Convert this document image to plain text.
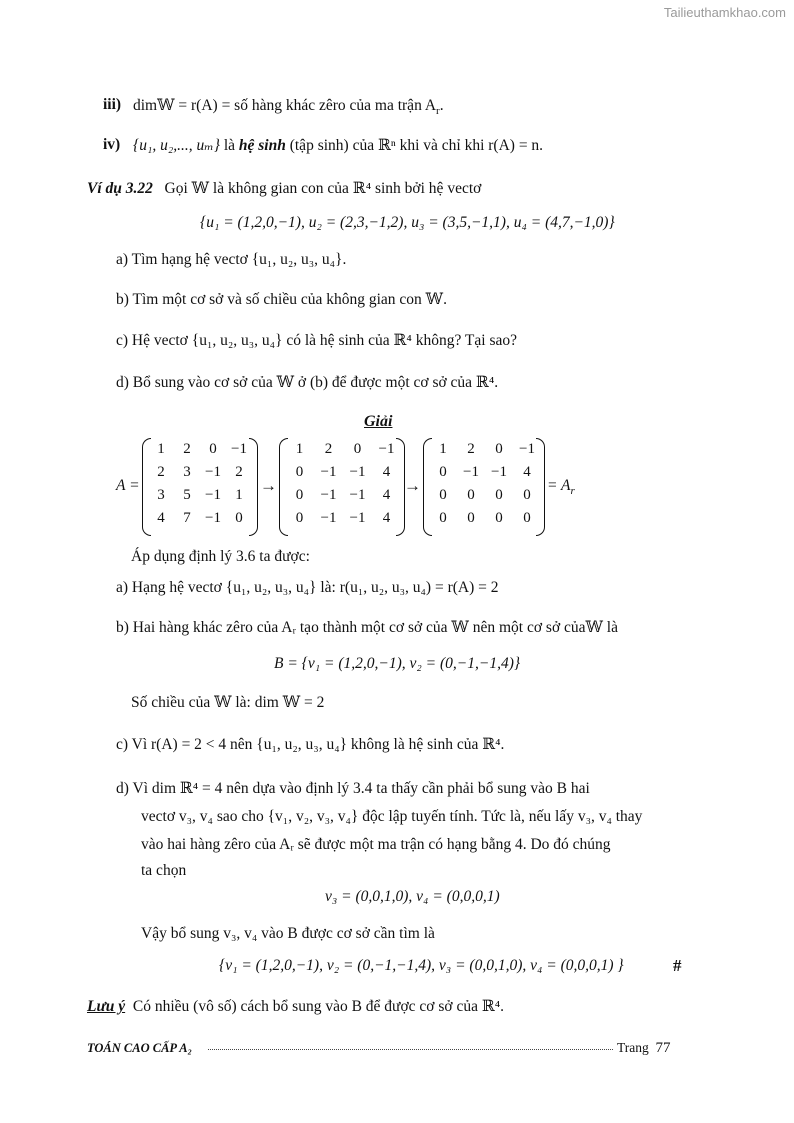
Tailieuthamkhao.com
iii) dim𝕎 = r(A) = số hàng khác zêro của ma trận $A_r$.
iv) {u₁, u₂,..., uₘ} là hệ sinh (tập sinh) của ℝⁿ khi và chỉ khi r(A) = n.
Ví dụ 3.22 Gọi 𝕎 là không gian con của ℝ⁴ sinh bởi hệ vectơ
{u₁ = (1,2,0,−1), u₂ = (2,3,−1,2), u₃ = (3,5,−1,1), u₄ = (4,7,−1,0)}
a) Tìm hạng hệ vectơ {u₁, u₂, u₃, u₄}.
b) Tìm một cơ sở và số chiều của không gian con 𝕎.
c) Hệ vectơ {u₁, u₂, u₃, u₄} có là hệ sinh của ℝ⁴ không? Tại sao?
d) Bổ sung vào cơ sở của 𝕎 ở (b) để được một cơ sở của ℝ⁴.
Giải
A =
1	2	0 −1
2	3 −1 2
3	5 −1 1
4	7 −1 0
→
1	2	0	−1
0	−1 −1	4
0	−1 −1	4
0	−1 −1	4
→
1	2	0	−1
0	−1 −1	4
0	0	0	0
0	0	0	0
= $A_r$
Áp dụng định lý 3.6 ta được:
a) Hạng hệ vectơ {u₁, u₂, u₃, u₄} là: r(u₁, u₂, u₃, u₄) = r(A) = 2
b) Hai hàng khác zêro của Aᵣ tạo thành một cơ sở của 𝕎 nên một cơ sở của𝕎 là
B = {v₁ = (1,2,0,−1), v₂ = (0,−1,−1,4)}
Số chiều của 𝕎 là: dim 𝕎 = 2
c) Vì r(A) = 2 < 4 nên {u₁, u₂, u₃, u₄} không là hệ sinh của ℝ⁴.
d) Vì dim ℝ⁴ = 4 nên dựa vào định lý 3.4 ta thấy cần phải bổ sung vào B hai
vectơ v₃, v₄ sao cho {v₁, v₂, v₃, v₄} độc lập tuyến tính. Tức là, nếu lấy v₃, v₄ thay
vào hai hàng zêro của Aᵣ sẽ được một ma trận có hạng bằng 4. Do đó chúng
ta chọn
v₃ = (0,0,1,0), v₄ = (0,0,0,1)
Vậy bổ sung v₃, v₄ vào B được cơ sở cần tìm là
{v₁ = (1,2,0,−1), v₂ = (0,−1,−1,4), v₃ = (0,0,1,0), v₄ = (0,0,0,1) }	#
Lưu ý Có nhiều (vô số) cách bổ sung vào B để được cơ sở của ℝ⁴.
TOÁN CAO CẤP A₂	Trang 77
